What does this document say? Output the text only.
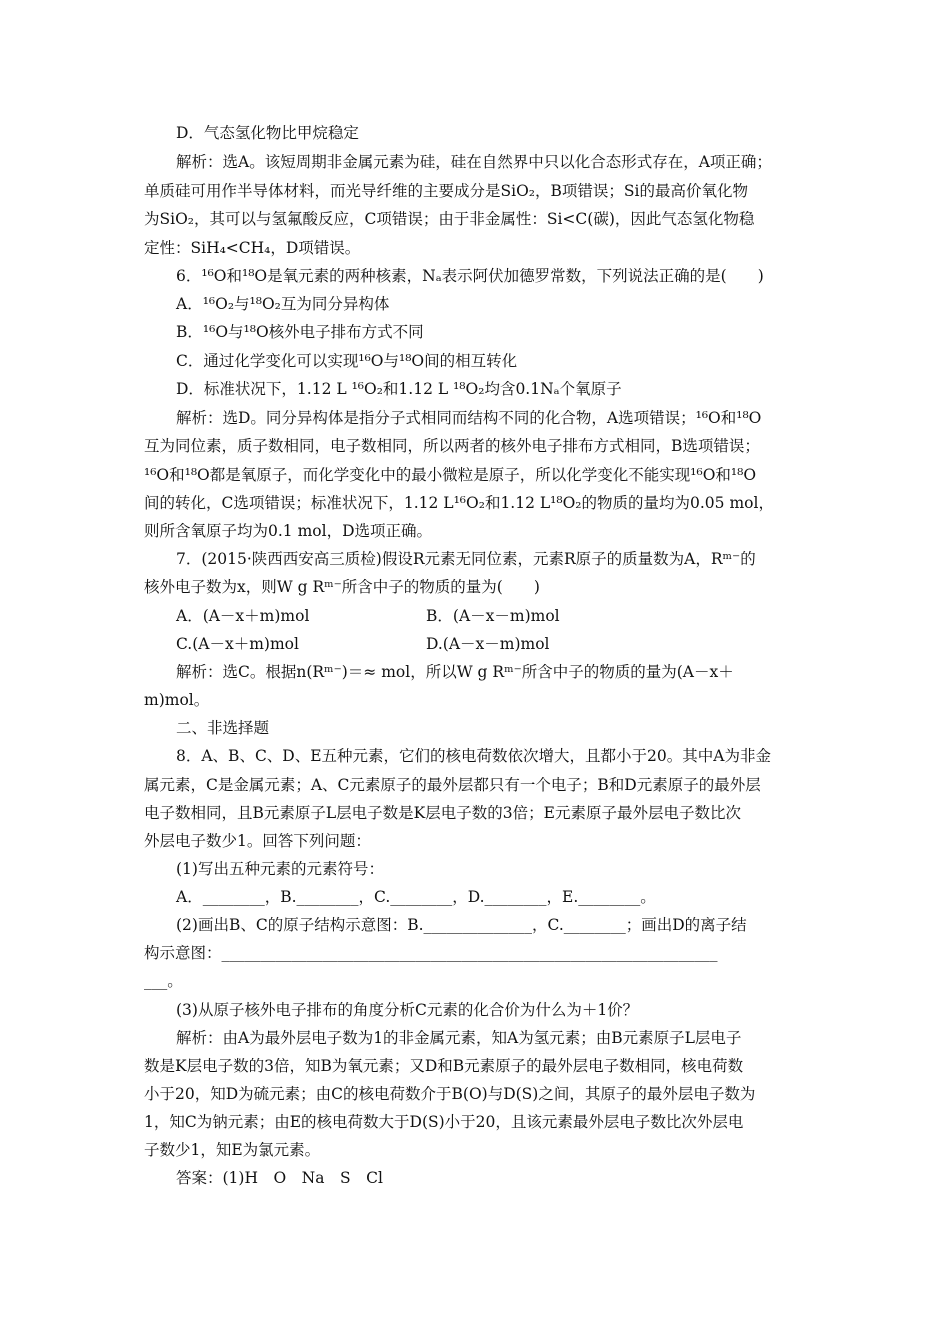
D．气态氢化物比甲烷稳定
解析：选A。该短周期非金属元素为硅，硅在自然界中只以化合态形式存在，A项正确；
单质硅可用作半导体材料，而光导纤维的主要成分是SiO₂，B项错误；Si的最高价氧化物
为SiO₂，其可以与氢氟酸反应，C项错误；由于非金属性：Si<C(碳)，因此气态氢化物稳
定性：SiH₄<CH₄，D项错误。
6．¹⁶O和¹⁸O是氧元素的两种核素，Nₐ表示阿伏加德罗常数，下列说法正确的是(　　)
A．¹⁶O₂与¹⁸O₂互为同分异构体
B．¹⁶O与¹⁸O核外电子排布方式不同
C．通过化学变化可以实现¹⁶O与¹⁸O间的相互转化
D．标准状况下，1.12 L ¹⁶O₂和1.12 L ¹⁸O₂均含0.1Nₐ个氧原子
解析：选D。同分异构体是指分子式相同而结构不同的化合物，A选项错误；¹⁶O和¹⁸O
互为同位素，质子数相同，电子数相同，所以两者的核外电子排布方式相同，B选项错误；
¹⁶O和¹⁸O都是氧原子，而化学变化中的最小微粒是原子，所以化学变化不能实现¹⁶O和¹⁸O
间的转化，C选项错误；标准状况下，1.12 L¹⁶O₂和1.12 L¹⁸O₂的物质的量均为0.05 mol，
则所含氧原子均为0.1 mol，D选项正确。
7．(2015·陕西西安高三质检)假设R元素无同位素，元素R原子的质量数为A，Rᵐ⁻的
核外电子数为x，则W g Rᵐ⁻所含中子的物质的量为(　　)
A．(A－x＋m)mol	B．(A－x－m)mol
C.(A－x＋m)mol	D.(A－x－m)mol
解析：选C。根据n(Rᵐ⁻)＝≈ mol，所以W g Rᵐ⁻所含中子的物质的量为(A－x＋
m)mol。
二、非选择题
8．A、B、C、D、E五种元素，它们的核电荷数依次增大，且都小于20。其中A为非金
属元素，C是金属元素；A、C元素原子的最外层都只有一个电子；B和D元素原子的最外层
电子数相同，且B元素原子L层电子数是K层电子数的3倍；E元素原子最外层电子数比次
外层电子数少1。回答下列问题：
(1)写出五种元素的元素符号：
A．________，B.________，C.________，D.________，E.________。
(2)画出B、C的原子结构示意图：B.______________，C.________；画出D的离子结
构示意图：________________________________________________________________
___。
(3)从原子核外电子排布的角度分析C元素的化合价为什么为＋1价？
解析：由A为最外层电子数为1的非金属元素，知A为氢元素；由B元素原子L层电子
数是K层电子数的3倍，知B为氧元素；又D和B元素原子的最外层电子数相同，核电荷数
小于20，知D为硫元素；由C的核电荷数介于B(O)与D(S)之间，其原子的最外层电子数为
1，知C为钠元素；由E的核电荷数大于D(S)小于20，且该元素最外层电子数比次外层电
子数少1，知E为氯元素。
答案：(1)H　O　Na　S　Cl
